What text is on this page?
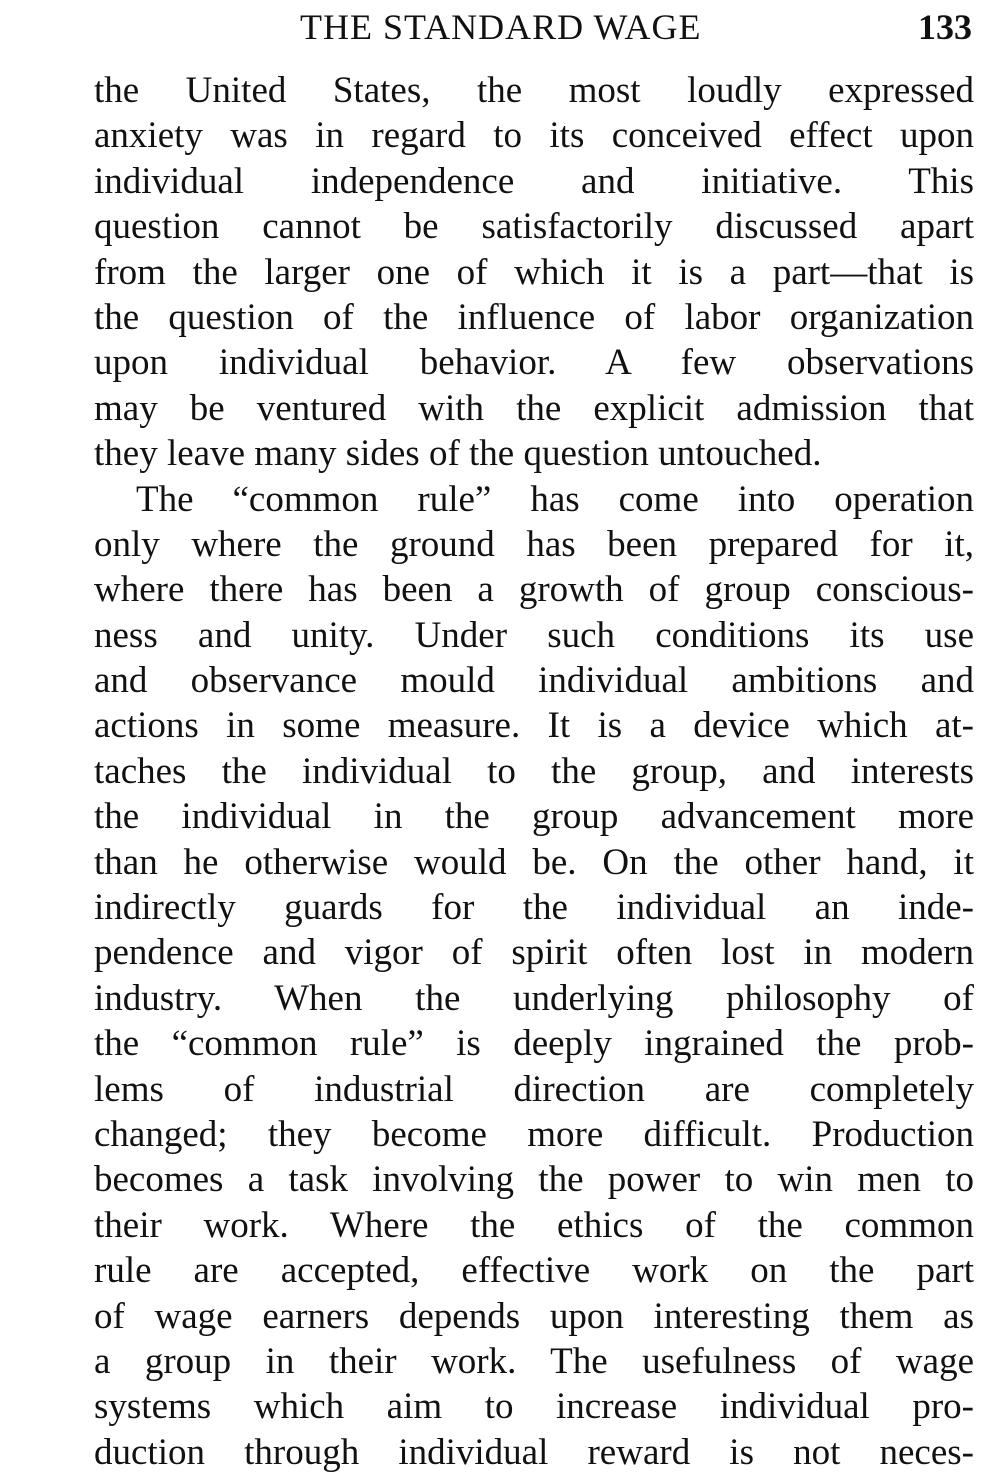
THE STANDARD WAGE	133
the United States, the most loudly expressed
anxiety was in regard to its conceived effect upon
individual independence and initiative. This
question cannot be satisfactorily discussed apart
from the larger one of which it is a part—that is
the question of the influence of labor organization
upon individual behavior. A few observations
may be ventured with the explicit admission that
they leave many sides of the question untouched.
The “common rule” has come into operation
only where the ground has been prepared for it,
where there has been a growth of group conscious-
ness and unity. Under such conditions its use
and observance mould individual ambitions and
actions in some measure. It is a device which at-
taches the individual to the group, and interests
the individual in the group advancement more
than he otherwise would be. On the other hand, it
indirectly guards for the individual an inde-
pendence and vigor of spirit often lost in modern
industry. When the underlying philosophy of
the “common rule” is deeply ingrained the prob-
lems of industrial direction are completely
changed; they become more difficult. Production
becomes a task involving the power to win men to
their work. Where the ethics of the common
rule are accepted, effective work on the part
of wage earners depends upon interesting them as
a group in their work. The usefulness of wage
systems which aim to increase individual pro-
duction through individual reward is not neces-
